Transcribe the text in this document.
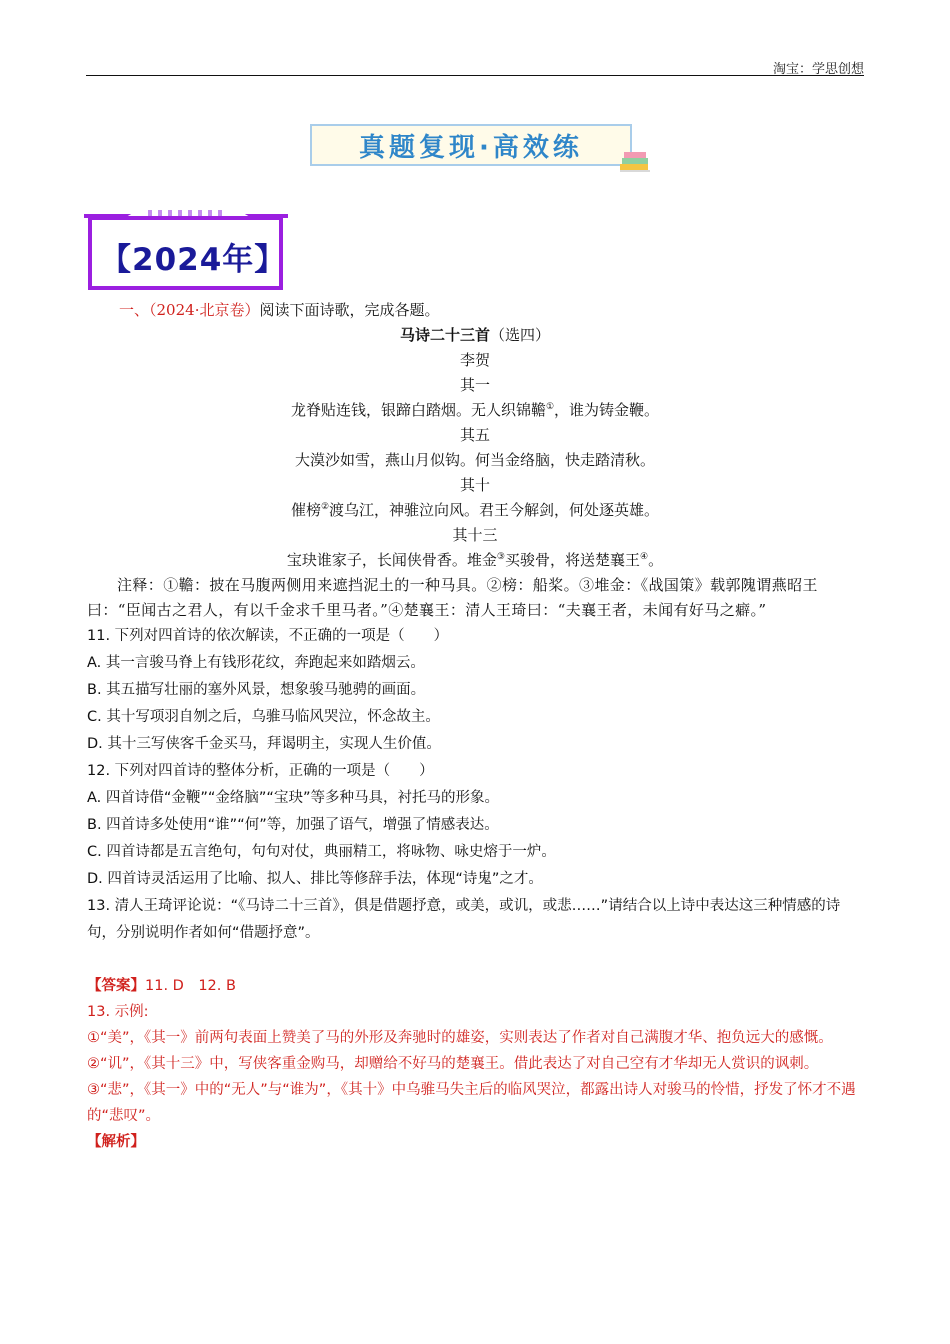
淘宝：学思创想
真题复现·高效练
【2024年】
一、（2024·北京卷）阅读下面诗歌，完成各题。
马诗二十三首（选四）
李贺
其一
龙脊贴连钱，银蹄白踏烟。无人织锦韂①，谁为铸金鞭。
其五
大漠沙如雪，燕山月似钩。何当金络脑，快走踏清秋。
其十
催榜②渡乌江，神骓泣向风。君王今解剑，何处逐英雄。
其十三
宝玦谁家子，长闻侠骨香。堆金③买骏骨，将送楚襄王④。
注释：①韂：披在马腹两侧用来遮挡泥土的一种马具。②榜：船桨。③堆金：《战国策》载郭隗谓燕昭王曰：“臣闻古之君人，有以千金求千里马者。”④楚襄王：清人王琦曰：“夫襄王者，未闻有好马之癖。”
11. 下列对四首诗的依次解读，不正确的一项是（　　）
A. 其一言骏马脊上有钱形花纹，奔跑起来如踏烟云。
B. 其五描写壮丽的塞外风景，想象骏马驰骋的画面。
C. 其十写项羽自刎之后，乌骓马临风哭泣，怀念故主。
D. 其十三写侠客千金买马，拜谒明主，实现人生价值。
12. 下列对四首诗的整体分析，正确的一项是（　　）
A. 四首诗借“金鞭”“金络脑”“宝玦”等多种马具，衬托马的形象。
B. 四首诗多处使用“谁”“何”等，加强了语气，增强了情感表达。
C. 四首诗都是五言绝句，句句对仗，典丽精工，将咏物、咏史熔于一炉。
D. 四首诗灵活运用了比喻、拟人、排比等修辞手法，体现“诗鬼”之才。
13. 清人王琦评论说：“《马诗二十三首》，俱是借题抒意，或美，或讥，或悲……”请结合以上诗中表达这三种情感的诗句，分别说明作者如何“借题抒意”。
【答案】11. D　12. B
13. 示例:
①“美”，《其一》前两句表面上赞美了马的外形及奔驰时的雄姿，实则表达了作者对自己满腹才华、抱负远大的感慨。
②“讥”，《其十三》中，写侠客重金购马，却赠给不好马的楚襄王。借此表达了对自己空有才华却无人赏识的讽刺。
③“悲”，《其一》中的“无人”与“谁为”，《其十》中乌骓马失主后的临风哭泣，都露出诗人对骏马的怜惜，抒发了怀才不遇的“悲叹”。
【解析】
